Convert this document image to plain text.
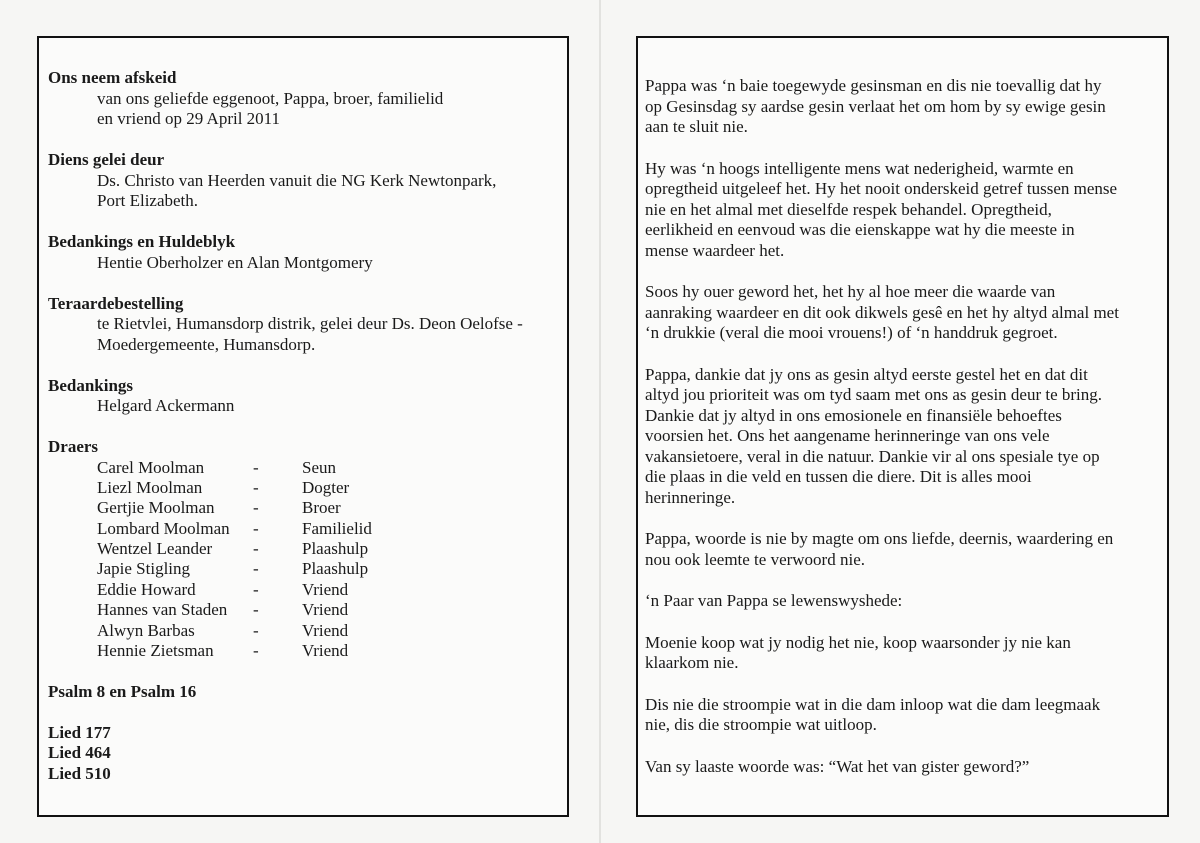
Ons neem afskeid
van ons geliefde eggenoot, Pappa, broer, familielid
en vriend op 29 April 2011
Diens gelei deur
Ds. Christo van Heerden vanuit die NG Kerk Newtonpark,
Port Elizabeth.
Bedankings en Huldeblyk
Hentie Oberholzer en Alan Montgomery
Teraardebestelling
te Rietvlei, Humansdorp distrik, gelei deur Ds. Deon Oelofse -
Moedergemeente, Humansdorp.
Bedankings
Helgard Ackermann
Draers
Carel Moolman	-	Seun
Liezl Moolman	-	Dogter
Gertjie Moolman	-	Broer
Lombard Moolman	-	Familielid
Wentzel Leander	-	Plaashulp
Japie Stigling	-	Plaashulp
Eddie Howard	-	Vriend
Hannes van Staden	-	Vriend
Alwyn Barbas	-	Vriend
Hennie Zietsman	-	Vriend
Psalm 8 en Psalm 16
Lied 177
Lied 464
Lied 510

Pappa was ‘n baie toegewyde gesinsman en dis nie toevallig dat hy
op Gesinsdag sy aardse gesin verlaat het om hom by sy ewige gesin
aan te sluit nie.

Hy was ‘n hoogs intelligente mens wat nederigheid, warmte en
opregtheid uitgeleef het. Hy het nooit onderskeid getref tussen mense
nie en het almal met dieselfde respek behandel. Opregtheid,
eerlikheid en eenvoud was die eienskappe wat hy die meeste in
mense waardeer het.

Soos hy ouer geword het, het hy al hoe meer die waarde van
aanraking waardeer en dit ook dikwels gesê en het hy altyd almal met
‘n drukkie (veral die mooi vrouens!) of ‘n handdruk gegroet.

Pappa, dankie dat jy ons as gesin altyd eerste gestel het en dat dit
altyd jou prioriteit was om tyd saam met ons as gesin deur te bring.
Dankie dat jy altyd in ons emosionele en finansiële behoeftes
voorsien het. Ons het aangename herinneringe van ons vele
vakansietoere, veral in die natuur. Dankie vir al ons spesiale tye op
die plaas in die veld en tussen die diere. Dit is alles mooi
herinneringe.

Pappa, woorde is nie by magte om ons liefde, deernis, waardering en
nou ook leemte te verwoord nie.

‘n Paar van Pappa se lewenswyshede:

Moenie koop wat jy nodig het nie, koop waarsonder jy nie kan
klaarkom nie.

Dis nie die stroompie wat in die dam inloop wat die dam leegmaak
nie, dis die stroompie wat uitloop.

Van sy laaste woorde was: “Wat het van gister geword?”
